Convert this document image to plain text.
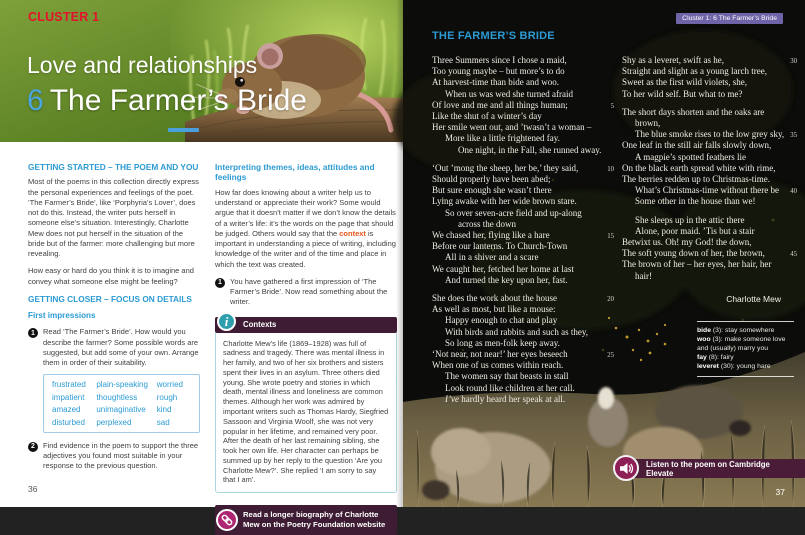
CLUSTER 1
Love and relationships
6 The Farmer’s Bride
GETTING STARTED – THE POEM AND YOU
Most of the poems in this collection directly express the personal experiences and feelings of the poet. ‘The Farmer’s Bride’, like ‘Porphyria’s Lover’, does not do this. Instead, the writer puts herself in someone else’s situation. Interestingly, Charlotte Mew does not put herself in the situation of the bride but of the farmer: more challenging but more revealing.
How easy or hard do you think it is to imagine and convey what someone else might be feeling?
GETTING CLOSER – FOCUS ON DETAILS
First impressions
1	Read ‘The Farmer’s Bride’. How would you describe the farmer? Some possible words are suggested, but add some of your own. Arrange them in order of their suitability.
frustrated	plain-speaking	worried
impatient	thoughtless	rough
amazed	unimaginative	kind
disturbed	perplexed	sad
2	Find evidence in the poem to support the three adjectives you found most suitable in your response to the previous question.
Interpreting themes, ideas, attitudes and feelings
How far does knowing about a writer help us to understand or appreciate their work? Some would argue that it doesn’t matter if we don’t know the details of a writer’s life: it’s the words on the page that should be judged. Others would say that the context is important in understanding a piece of writing, including knowledge of the writer and of the time and place in which the text was created.
1	You have gathered a first impression of ‘The Farmer’s Bride’. Now read something about the writer.
i	Contexts
Charlotte Mew’s life (1869–1928) was full of sadness and tragedy. There was mental illness in her family, and two of her six brothers and sisters spent their lives in an asylum. Three others died young. She wrote poetry and stories in which death, mental illness and loneliness are common themes. Although her work was admired by important writers such as Thomas Hardy, Siegfried Sassoon and Virginia Woolf, she was not very popular in her lifetime, and remained very poor. After the death of her last remaining sibling, she took her own life. Her character can perhaps be summed up by her reply to the question ‘Are you Charlotte Mew?’. She replied ‘I am sorry to say that I am’.
Read a longer biography of Charlotte Mew on the Poetry Foundation website
36
Cluster 1: 6 The Farmer’s Bride
THE FARMER’S BRIDE
Three Summers since I chose a maid,
Too young maybe – but more’s to do
At harvest-time than bide and woo.
When us was wed she turned afraid
Of love and me and all things human;	5
Like the shut of a winter’s day
Her smile went out, and ’twasn’t a woman –
More like a little frightened fay.
One night, in the Fall, she runned away.
‘Out ’mong the sheep, her be,’ they said,	10
Should properly have been abed;
But sure enough she wasn’t there
Lying awake with her wide brown stare.
So over seven-acre field and up-along
across the down
We chased her, flying like a hare	15
Before our lanterns. To Church-Town
All in a shiver and a scare
We caught her, fetched her home at last
And turned the key upon her, fast.
She does the work about the house	20
As well as most, but like a mouse:
Happy enough to chat and play
With birds and rabbits and such as they,
So long as men-folk keep away.
‘Not near, not near!’ her eyes beseech	25
When one of us comes within reach.
The women say that beasts in stall
Look round like children at her call.
I’ve hardly heard her speak at all.
Shy as a leveret, swift as he,	30
Straight and slight as a young larch tree,
Sweet as the first wild violets, she,
To her wild self. But what to me?
The short days shorten and the oaks are
brown,
The blue smoke rises to the low grey sky, 35
One leaf in the still air falls slowly down,
A magpie’s spotted feathers lie
On the black earth spread white with rime,
The berries redden up to Christmas-time.
What’s Christmas-time without there be 40
Some other in the house than we!
She sleeps up in the attic there
Alone, poor maid. ’Tis but a stair
Betwixt us. Oh! my God! the down,
The soft young down of her, the brown,	45
The brown of her – her eyes, her hair, her
hair!
Charlotte Mew
bide (3): stay somewhere
woo (3): make someone love and (usually) marry you
fay (8): fairy
leveret (30): young hare
Listen to the poem on Cambridge Elevate
37
